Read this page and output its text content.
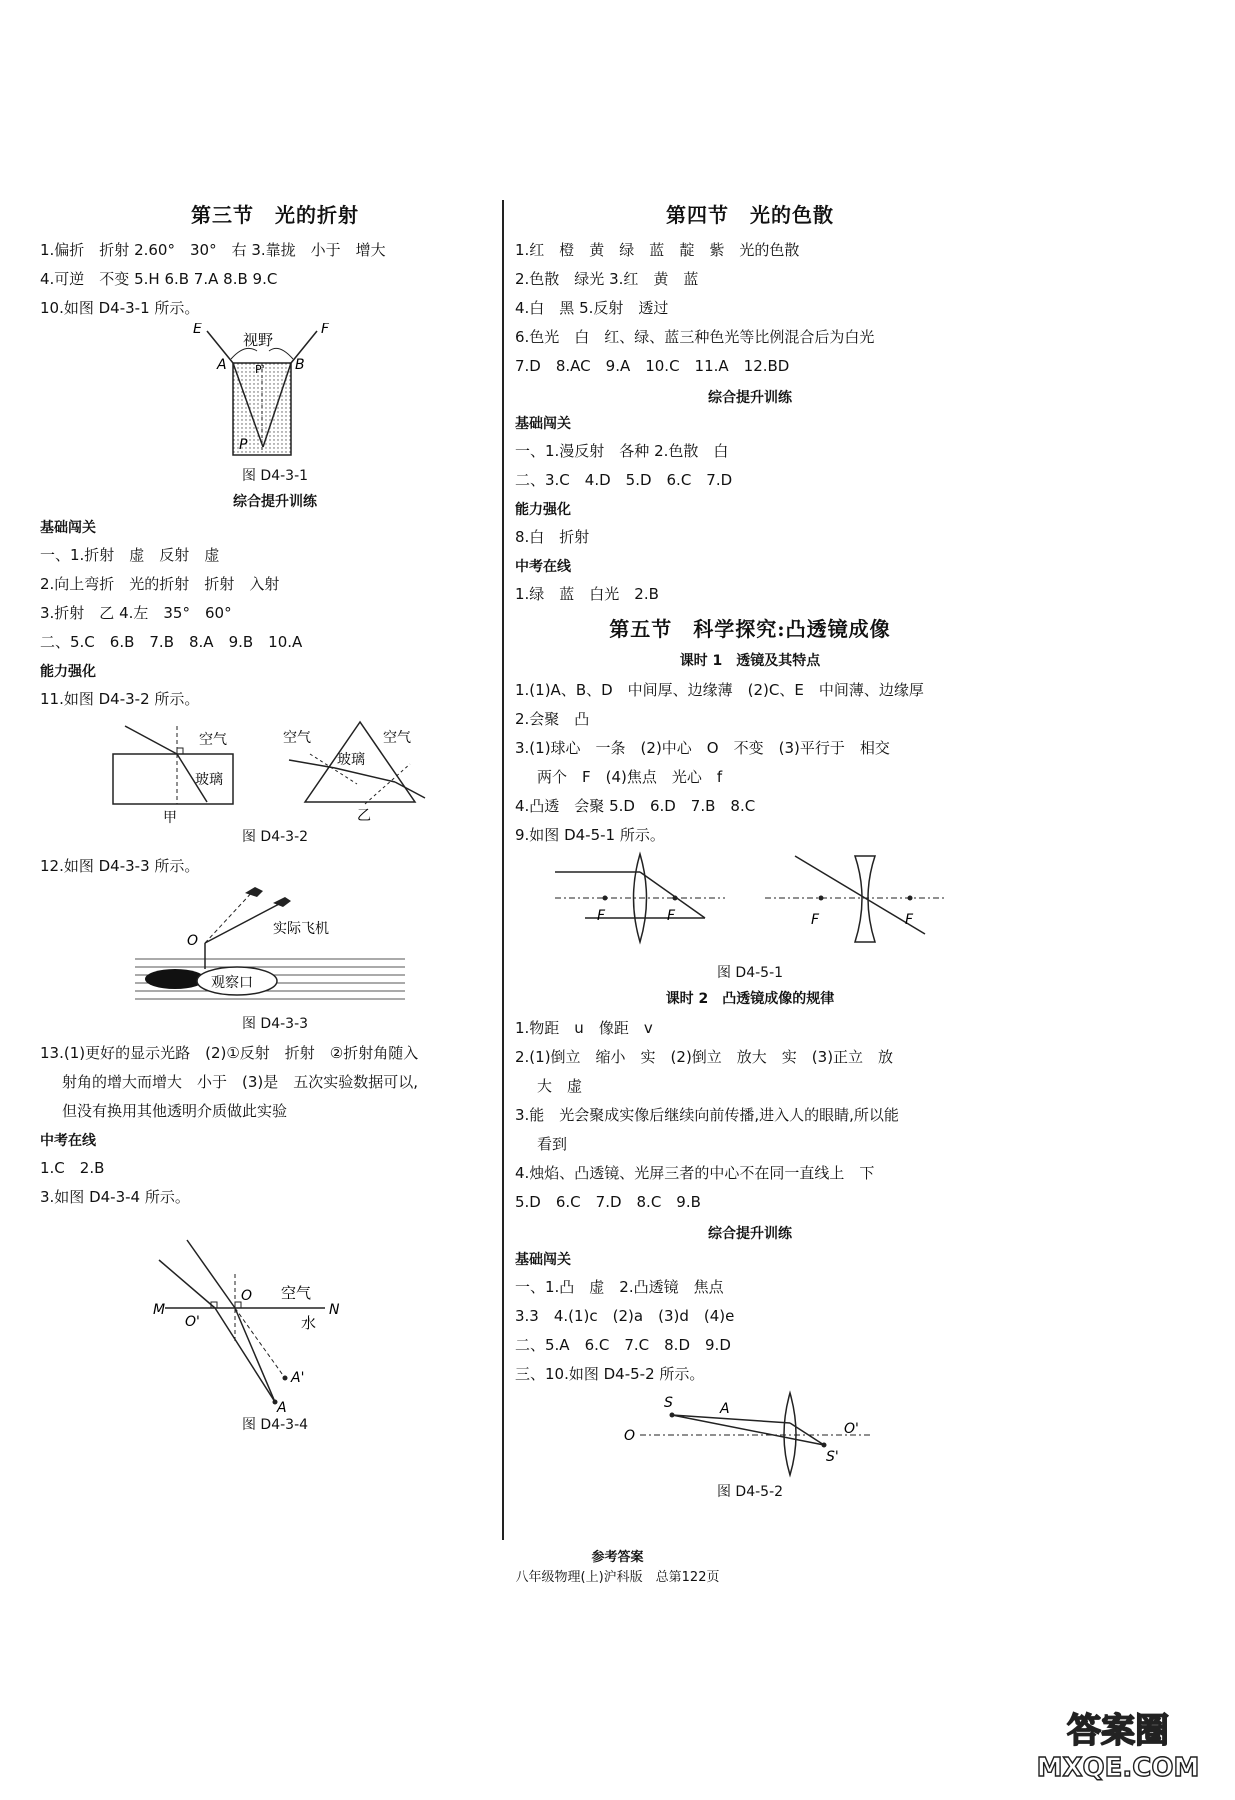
第三节　光的折射

1.偏折　折射 2.60°　30°　右 3.靠拢　小于　增大

4.可逆　不变 5.H 6.B 7.A 8.B 9.C

10.如图 D4-3-1 所示。

E	F
A	B
P
P'
视野
图 D4-3-1
综合提升训练
基础闯关

一、1.折射　虚　反射　虚

2.向上弯折　光的折射　折射　入射

3.折射　乙 4.左　35°　60°

二、5.C　6.B　7.B　8.A　9.B　10.A

能力强化

11.如图 D4-3-2 所示。

空气
玻璃
甲
空气	空气
玻璃
乙
图 D4-3-2

12.如图 D4-3-3 所示。

观察口
O
实际飞机
图 D4-3-3

13.(1)更好的显示光路　(2)①反射　折射　②折射角随入

射角的增大而增大　小于　(3)是　五次实验数据可以,

但没有换用其他透明介质做此实验

中考在线

1.C　2.B

3.如图 D4-3-4 所示。

M	N
O
O'
A'
A
空气
水
图 D4-3-4
第四节　光的色散

1.红　橙　黄　绿　蓝　靛　紫　光的色散

2.色散　绿光 3.红　黄　蓝

4.白　黑 5.反射　透过

6.色光　白　红、绿、蓝三种色光等比例混合后为白光

7.D　8.AC　9.A　10.C　11.A　12.BD

综合提升训练
基础闯关

一、1.漫反射　各种 2.色散　白

二、3.C　4.D　5.D　6.C　7.D

能力强化

8.白　折射

中考在线

1.绿　蓝　白光　2.B

第五节　科学探究:凸透镜成像
课时 1　透镜及其特点

1.(1)A、B、D　中间厚、边缘薄　(2)C、E　中间薄、边缘厚

2.会聚　凸

3.(1)球心　一条　(2)中心　O　不变　(3)平行于　相交

两个　F　(4)焦点　光心　f

4.凸透　会聚 5.D　6.D　7.B　8.C

9.如图 D4-5-1 所示。

F	F	F	F
图 D4-5-1
课时 2　凸透镜成像的规律

1.物距　u　像距　v

2.(1)倒立　缩小　实　(2)倒立　放大　实　(3)正立　放

大　虚

3.能　光会聚成实像后继续向前传播,进入人的眼睛,所以能

看到

4.烛焰、凸透镜、光屏三者的中心不在同一直线上　下

5.D　6.C　7.D　8.C　9.B

综合提升训练
基础闯关

一、1.凸　虚　2.凸透镜　焦点

3.3　4.(1)c　(2)a　(3)d　(4)e

二、5.A　6.C　7.C　8.D　9.D

三、10.如图 D4-5-2 所示。

S	A
O	O'
S'
图 D4-5-2
参考答案
八年级物理(上)沪科版　总第122页
答案圈
MXQE.COM
